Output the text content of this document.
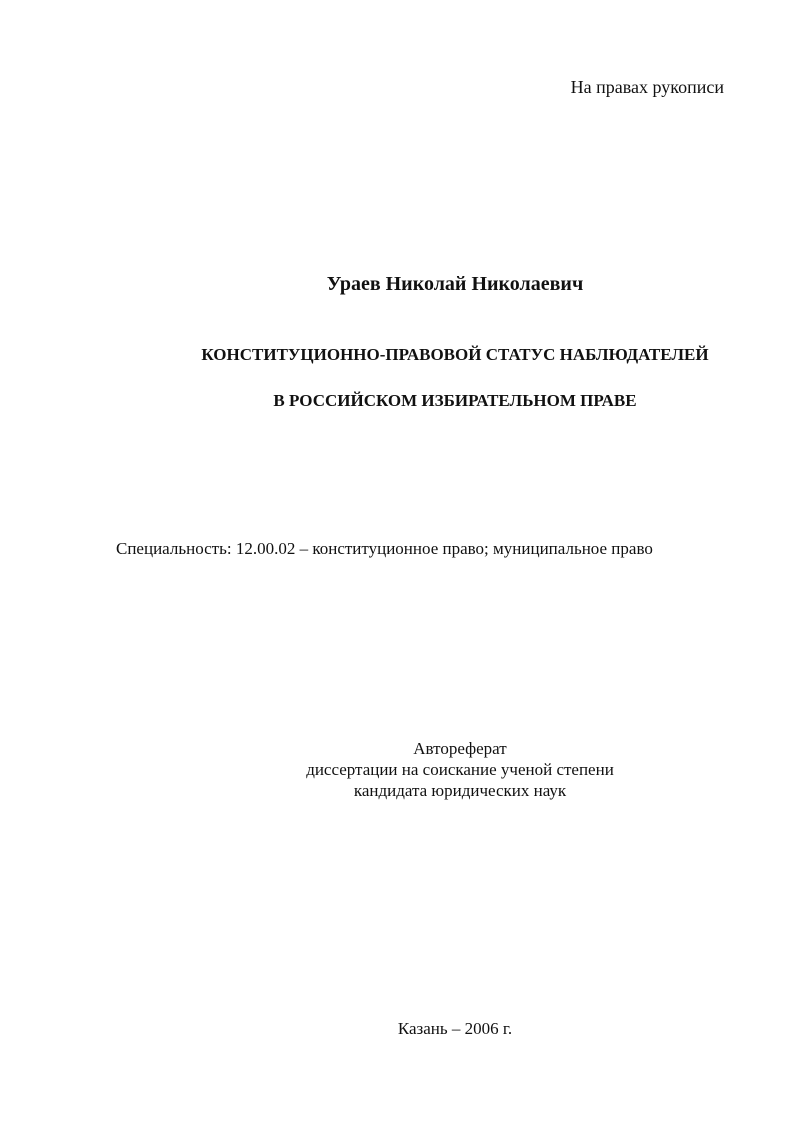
На правах рукописи
Ураев Николай Николаевич
КОНСТИТУЦИОННО-ПРАВОВОЙ СТАТУС НАБЛЮДАТЕЛЕЙ
В РОССИЙСКОМ ИЗБИРАТЕЛЬНОМ ПРАВЕ
Специальность: 12.00.02 – конституционное право; муниципальное право
Автореферат
диссертации на соискание ученой степени
кандидата юридических наук
Казань – 2006 г.
